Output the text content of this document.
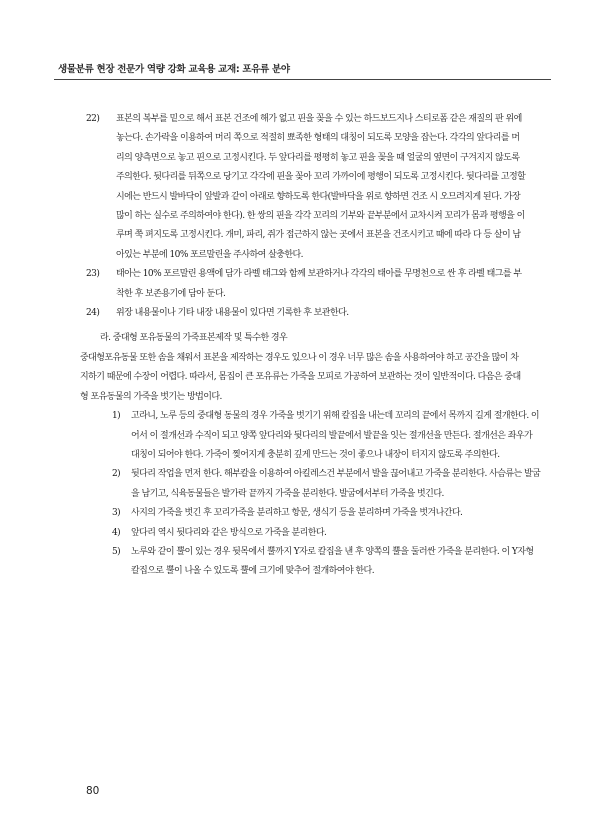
생물분류 현장 전문가 역량 강화 교육용 교재: 포유류 분야
22) 표본의 복부를 밑으로 해서 표본 건조에 해가 없고 핀을 꽂을 수 있는 하드보드지나 스티로폼 같은 재질의 판 위에 놓는다. 손가락을 이용하여 머리 쪽으로 적절히 뾰족한 형태의 대칭이 되도록 모양을 잡는다. 각각의 앞다리를 머리의 양측면으로 놓고 핀으로 고정시킨다. 두 앞다리를 평평히 놓고 핀을 꽂을 때 얼굴의 옆면이 구겨지지 않도록 주의한다. 뒷다리를 뒤쪽으로 당기고 각각에 핀을 꽂아 꼬리 가까이에 평행이 되도록 고정시킨다. 뒷다리를 고정할 시에는 반드시 발바닥이 앞발과 같이 아래로 향하도록 한다(발바닥을 위로 향하면 건조 시 오므려지게 된다. 가장 많이 하는 실수로 주의하여야 한다). 한 쌍의 핀을 각각 꼬리의 기부와 끝부분에서 교차시켜 꼬리가 몸과 평행을 이루며 쭉 펴지도록 고정시킨다. 개미, 파리, 쥐가 접근하지 않는 곳에서 표본을 건조시키고 때에 따라 다 등 살이 남아있는 부분에 10% 포르말린을 주사하여 살충한다.
23) 태아는 10% 포르말린 용액에 담가 라벨 태그와 함께 보관하거나 각각의 태아를 무명천으로 싼 후 라벨 태그를 부착한 후 보존용기에 담아 둔다.
24) 위장 내용물이나 기타 내장 내용물이 있다면 기록한 후 보관한다.
라. 중대형 포유동물의 가죽표본제작 및 특수한 경우
중대형포유동물 또한 솜을 채워서 표본을 제작하는 경우도 있으나 이 경우 너무 많은 솜을 사용하여야 하고 공간을 많이 차지하기 때문에 수장이 어렵다. 따라서, 몸집이 큰 포유류는 가죽을 모피로 가공하여 보관하는 것이 일반적이다. 다음은 중대형 포유동물의 가죽을 벗기는 방법이다.
1) 고라니, 노루 등의 중대형 동물의 경우 가죽을 벗기기 위해 칼집을 내는데 꼬리의 끝에서 목까지 길게 절개한다. 이어서 이 절개선과 수직이 되고 양쪽 앞다리와 뒷다리의 발끝에서 발끝을 잇는 절개선을 만든다. 절개선은 좌우가 대칭이 되어야 한다. 가죽이 찢어지게 충분히 깊게 만드는 것이 좋으나 내장이 터지지 않도록 주의한다.
2) 뒷다리 작업을 먼저 한다. 해부칼을 이용하여 아킬레스건 부분에서 발을 끊어내고 가죽을 분리한다. 사슴류는 발굽을 남기고, 식육동물들은 발가락 끝까지 가죽을 분리한다. 발굽에서부터 가죽을 벗긴다.
3) 사지의 가죽을 벗긴 후 꼬리가죽을 분리하고 항문, 생식기 등을 분리하며 가죽을 벗겨나간다.
4) 앞다리 역시 뒷다리와 같은 방식으로 가죽을 분리한다.
5) 노루와 같이 뿔이 있는 경우 뒷목에서 뿔까지 Y자로 칼집을 낸 후 양쪽의 뿔을 둘러싼 가죽을 분리한다. 이 Y자형 칼집으로 뿔이 나올 수 있도록 뿔에 크기에 맞추어 절개하여야 한다.
80
